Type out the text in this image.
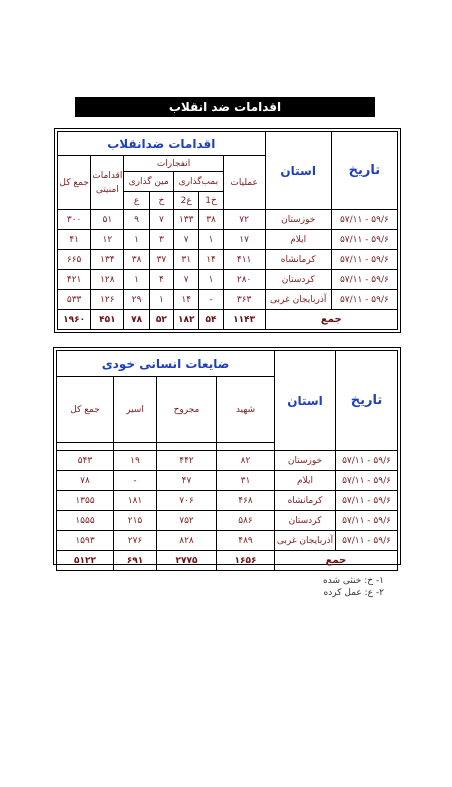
اقدامات ضد انقلاب
تاریخ	استان	اقدامات ضدانقلاب						
		عملیات	انفجارات				اقدامات امنیتی	جمع کل
			بمب‌گذاری		مین گذاری			
			خ1	ع2	خ	ع		
۵۷/۱۱ - ۵۹/۶	خوزستان	۷۲	۳۸	۱۳۳	۷	۹	۵۱	۳۰۰
۵۷/۱۱ - ۵۹/۶	ایلام	۱۷	۱	۷	۳	۱	۱۲	۴۱
۵۷/۱۱ - ۵۹/۶	کرمانشاه	۴۱۱	۱۴	۳۱	۳۷	۳۸	۱۳۴	۶۶۵
۵۷/۱۱ - ۵۹/۶	کردستان	۲۸۰	۱	۷	۴	۱	۱۲۸	۴۲۱
۵۷/۱۱ - ۵۹/۶	آذربایجان غربی	۳۶۳	-	۱۴	۱	۲۹	۱۲۶	۵۳۳
جمع		۱۱۴۳	۵۴	۱۸۲	۵۲	۷۸	۴۵۱	۱۹۶۰
تاریخ	استان	ضایعات انسانی خودی			
		شهید	مجروح	اسیر	جمع کل

۵۷/۱۱ - ۵۹/۶	خوزستان	۸۲	۴۴۲	۱۹	۵۴۳
۵۷/۱۱ - ۵۹/۶	ایلام	۳۱	۴۷	-	۷۸
۵۷/۱۱ - ۵۹/۶	کرمانشاه	۴۶۸	۷۰۶	۱۸۱	۱۳۵۵
۵۷/۱۱ - ۵۹/۶	کردستان	۵۸۶	۷۵۲	۲۱۵	۱۵۵۵
۵۷/۱۱ - ۵۹/۶	آذربایجان غربی	۴۸۹	۸۲۸	۲۷۶	۱۵۹۳
جمع		۱۶۵۶	۲۷۷۵	۶۹۱	۵۱۲۲
۱- خ: خنثی شده
۲- ع: عمل کرده
